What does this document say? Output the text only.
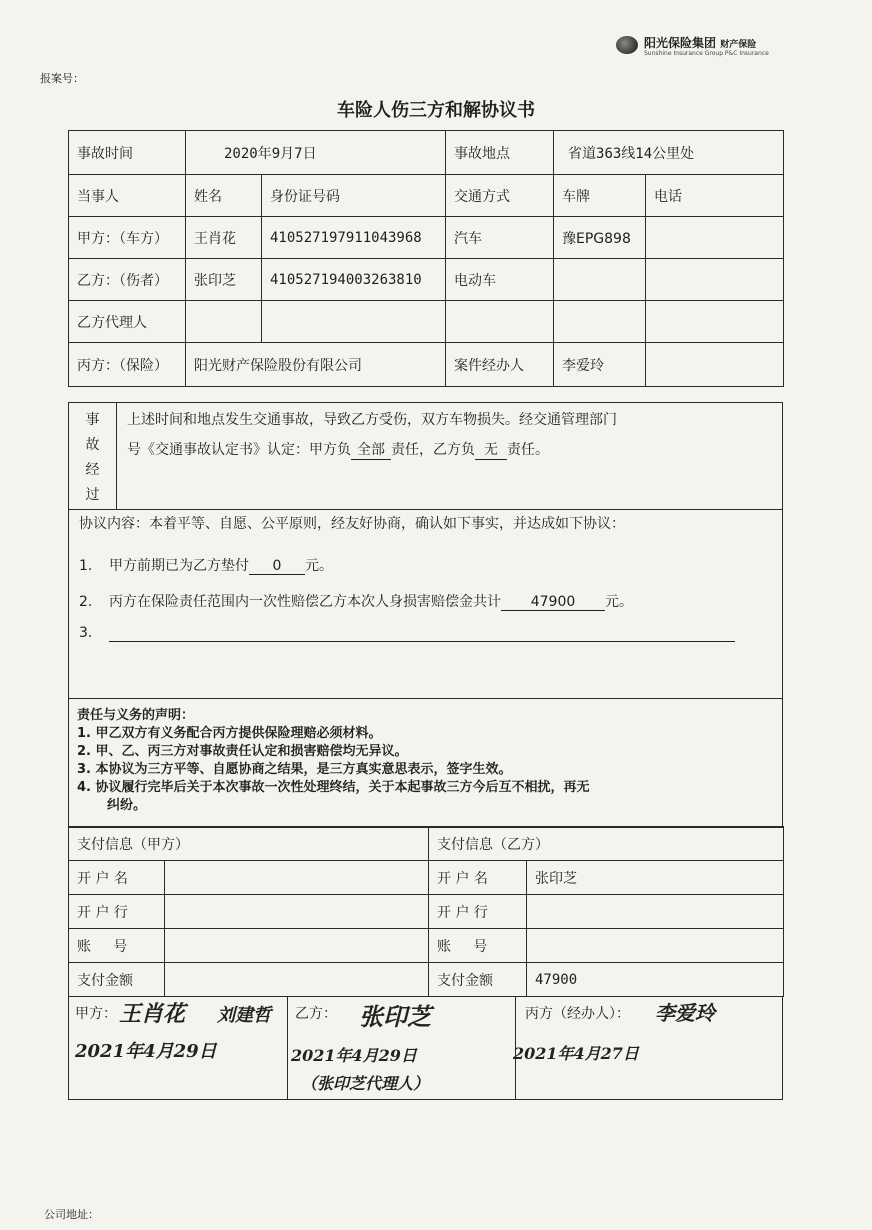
报案号：
阳光保险集团 财产保险
Sunshine Insurance Group P&C Insurance
车险人伤三方和解协议书
事故时间	2020年9月7日		事故地点	省道363线14公里处	
当事人	姓名	身份证号码	交通方式	车牌	电话
甲方：（车方）	王肖花	410527197911043968	汽车	豫EPG898	
乙方：（伤者）	张印芝	410527194003263810	电动车		
乙方代理人					
丙方：（保险）	阳光财产保险股份有限公司		案件经办人	李爱玲	
事
故
经
过
上述时间和地点发生交通事故，导致乙方受伤，双方车物损失。经交通管理部门
号《交通事故认定书》认定：甲方负 全部 责任，乙方负 无 责任。
协议内容：本着平等、自愿、公平原则，经友好协商，确认如下事实，并达成如下协议：
1. 甲方前期已为乙方垫付 0 元。
2. 丙方在保险责任范围内一次性赔偿乙方本次人身损害赔偿金共计 47900 元。
3.
责任与义务的声明：
1. 甲乙双方有义务配合丙方提供保险理赔必须材料。
2. 甲、乙、丙三方对事故责任认定和损害赔偿均无异议。
3. 本协议为三方平等、自愿协商之结果，是三方真实意思表示，签字生效。
4. 协议履行完毕后关于本次事故一次性处理终结，关于本起事故三方今后互不相扰，再无
纠纷。
支付信息（甲方）		支付信息（乙方）	
开 户 名		开 户 名	张印芝
开 户 行		开 户 行	
账     号		账     号	
支付金额		支付金额	47900
甲方： 王肖花 刘建哲
2021年4月29日
乙方： 张印芝
2021年4月29日
（张印芝代理人）
丙方（经办人）： 李爱玲
2021年4月27日
公司地址：
